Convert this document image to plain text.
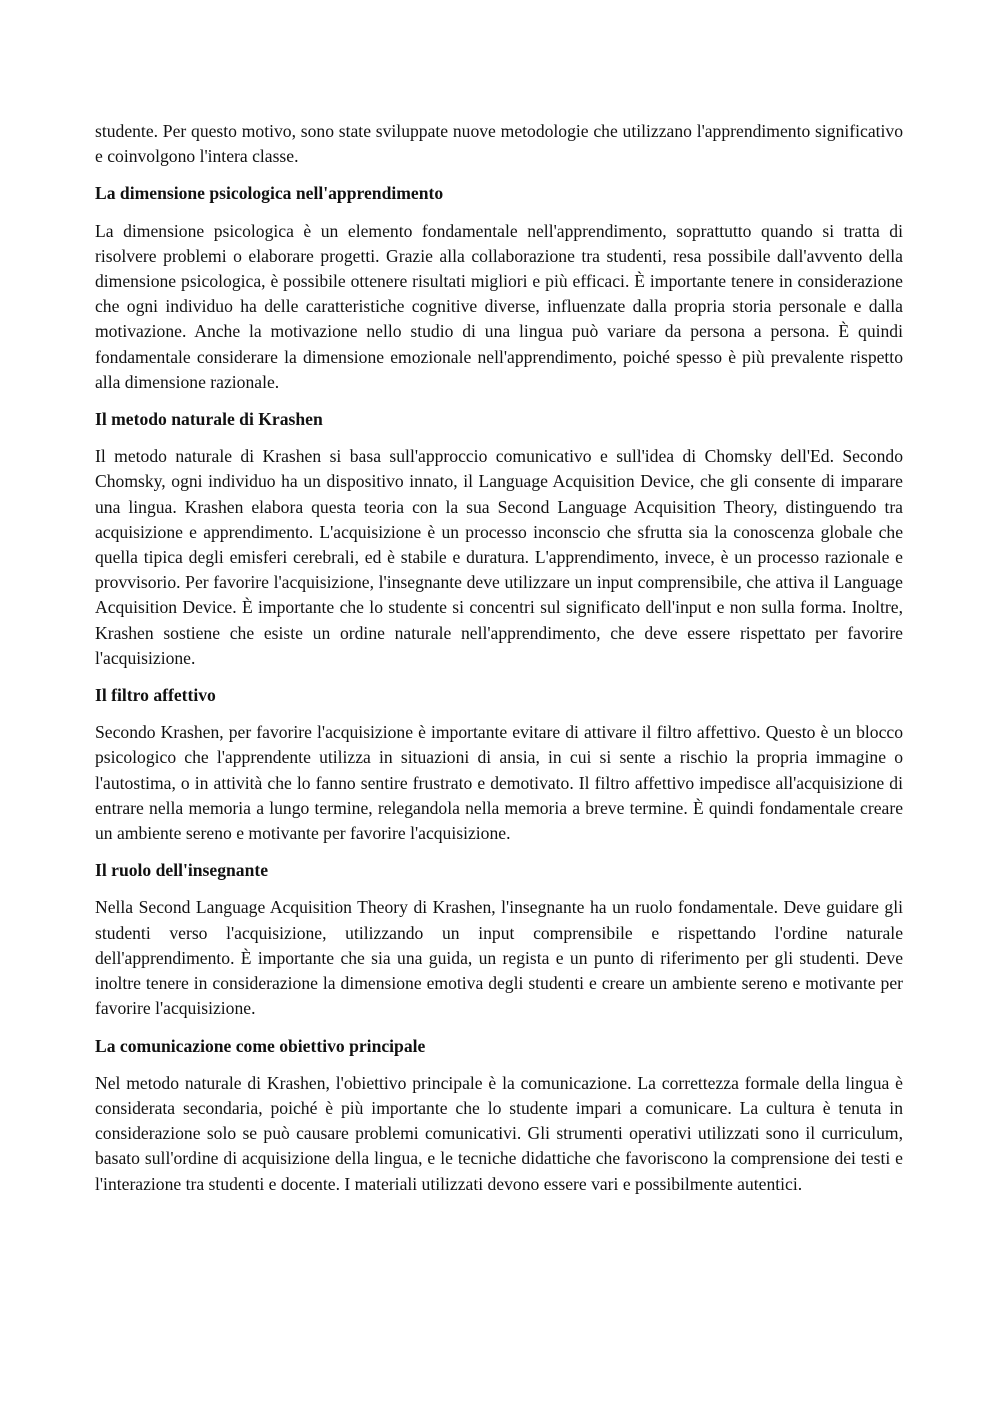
studente. Per questo motivo, sono state sviluppate nuove metodologie che utilizzano l'apprendimento significativo e coinvolgono l'intera classe.

La dimensione psicologica nell'apprendimento

La dimensione psicologica è un elemento fondamentale nell'apprendimento, soprattutto quando si tratta di risolvere problemi o elaborare progetti. Grazie alla collaborazione tra studenti, resa possibile dall'avvento della dimensione psicologica, è possibile ottenere risultati migliori e più efficaci. È importante tenere in considerazione che ogni individuo ha delle caratteristiche cognitive diverse, influenzate dalla propria storia personale e dalla motivazione. Anche la motivazione nello studio di una lingua può variare da persona a persona. È quindi fondamentale considerare la dimensione emozionale nell'apprendimento, poiché spesso è più prevalente rispetto alla dimensione razionale.

Il metodo naturale di Krashen

Il metodo naturale di Krashen si basa sull'approccio comunicativo e sull'idea di Chomsky dell'Ed. Secondo Chomsky, ogni individuo ha un dispositivo innato, il Language Acquisition Device, che gli consente di imparare una lingua. Krashen elabora questa teoria con la sua Second Language Acquisition Theory, distinguendo tra acquisizione e apprendimento. L'acquisizione è un processo inconscio che sfrutta sia la conoscenza globale che quella tipica degli emisferi cerebrali, ed è stabile e duratura. L'apprendimento, invece, è un processo razionale e provvisorio. Per favorire l'acquisizione, l'insegnante deve utilizzare un input comprensibile, che attiva il Language Acquisition Device. È importante che lo studente si concentri sul significato dell'input e non sulla forma. Inoltre, Krashen sostiene che esiste un ordine naturale nell'apprendimento, che deve essere rispettato per favorire l'acquisizione.

Il filtro affettivo

Secondo Krashen, per favorire l'acquisizione è importante evitare di attivare il filtro affettivo. Questo è un blocco psicologico che l'apprendente utilizza in situazioni di ansia, in cui si sente a rischio la propria immagine o l'autostima, o in attività che lo fanno sentire frustrato e demotivato. Il filtro affettivo impedisce all'acquisizione di entrare nella memoria a lungo termine, relegandola nella memoria a breve termine. È quindi fondamentale creare un ambiente sereno e motivante per favorire l'acquisizione.

Il ruolo dell'insegnante

Nella Second Language Acquisition Theory di Krashen, l'insegnante ha un ruolo fondamentale. Deve guidare gli studenti verso l'acquisizione, utilizzando un input comprensibile e rispettando l'ordine naturale dell'apprendimento. È importante che sia una guida, un regista e un punto di riferimento per gli studenti. Deve inoltre tenere in considerazione la dimensione emotiva degli studenti e creare un ambiente sereno e motivante per favorire l'acquisizione.

La comunicazione come obiettivo principale

Nel metodo naturale di Krashen, l'obiettivo principale è la comunicazione. La correttezza formale della lingua è considerata secondaria, poiché è più importante che lo studente impari a comunicare. La cultura è tenuta in considerazione solo se può causare problemi comunicativi. Gli strumenti operativi utilizzati sono il curriculum, basato sull'ordine di acquisizione della lingua, e le tecniche didattiche che favoriscono la comprensione dei testi e l'interazione tra studenti e docente. I materiali utilizzati devono essere vari e possibilmente autentici.
